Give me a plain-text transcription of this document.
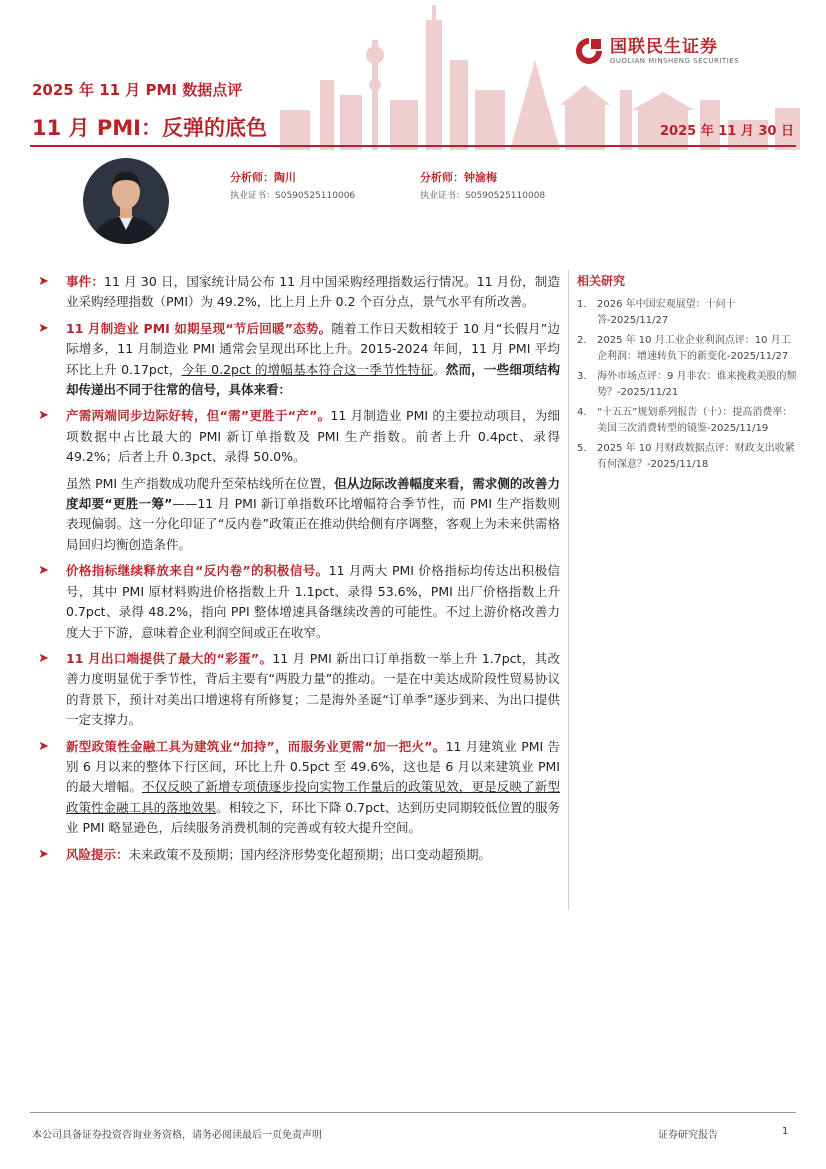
国联民生证券
GUOLIAN MINSHENG SECURITIES
2025 年 11 月 PMI 数据点评
11 月 PMI：反弹的底色	2025 年 11 月 30 日
分析师：陶川
执业证书：S0590525110006
分析师：钟渝梅
执业证书：S0590525110008
➤ 事件：11 月 30 日，国家统计局公布 11 月中国采购经理指数运行情况。11 月份，制造业采购经理指数（PMI）为 49.2%，比上月上升 0.2 个百分点，景气水平有所改善。
➤ 11 月制造业 PMI 如期呈现“节后回暖”态势。随着工作日天数相较于 10 月“长假月”边际增多，11 月制造业 PMI 通常会呈现出环比上升。2015-2024 年间，11 月 PMI 平均环比上升 0.17pct，今年 0.2pct 的增幅基本符合这一季节性特征。然而，一些细项结构却传递出不同于往常的信号，具体来看：
➤ 产需两端同步边际好转，但“需”更胜于“产”。11 月制造业 PMI 的主要拉动项目，为细项数据中占比最大的 PMI 新订单指数及 PMI 生产指数。前者上升 0.4pct、录得 49.2%；后者上升 0.3pct、录得 50.0%。
虽然 PMI 生产指数成功爬升至荣枯线所在位置，但从边际改善幅度来看，需求侧的改善力度却要“更胜一筹”——11 月 PMI 新订单指数环比增幅符合季节性，而 PMI 生产指数则表现偏弱。这一分化印证了“反内卷”政策正在推动供给侧有序调整，客观上为未来供需格局回归均衡创造条件。
➤ 价格指标继续释放来自“反内卷”的积极信号。11 月两大 PMI 价格指标均传达出积极信号，其中 PMI 原材料购进价格指数上升 1.1pct、录得 53.6%，PMI 出厂价格指数上升 0.7pct、录得 48.2%，指向 PPI 整体增速具备继续改善的可能性。不过上游价格改善力度大于下游，意味着企业利润空间或正在收窄。
➤ 11 月出口端提供了最大的“彩蛋”。11 月 PMI 新出口订单指数一举上升 1.7pct，其改善力度明显优于季节性，背后主要有“两股力量”的推动。一是在中美达成阶段性贸易协议的背景下，预计对美出口增速将有所修复；二是海外圣诞“订单季”逐步到来、为出口提供一定支撑力。
➤ 新型政策性金融工具为建筑业“加持”，而服务业更需“加一把火”。11 月建筑业 PMI 告别 6 月以来的整体下行区间，环比上升 0.5pct 至 49.6%，这也是 6 月以来建筑业 PMI 的最大增幅。不仅反映了新增专项债逐步投向实物工作量后的政策见效，更是反映了新型政策性金融工具的落地效果。相较之下，环比下降 0.7pct、达到历史同期较低位置的服务业 PMI 略显逊色，后续服务消费机制的完善或有较大提升空间。
➤ 风险提示：未来政策不及预期；国内经济形势变化超预期；出口变动超预期。
相关研究
1.	2026 年中国宏观展望：十问十答-2025/11/27
2.	2025 年 10 月工业企业利润点评：10 月工企利润：增速转负下的新变化-2025/11/27
3.	海外市场点评：9 月非农：谁来挽救美股的颓势？-2025/11/21
4.	“十五五”规划系列报告（十）：提高消费率：美国三次消费转型的镜鉴-2025/11/19
5.	2025 年 10 月财政数据点评：财政支出收紧有何深意？-2025/11/18
本公司具备证券投资咨询业务资格，请务必阅读最后一页免责声明	证券研究报告	1
